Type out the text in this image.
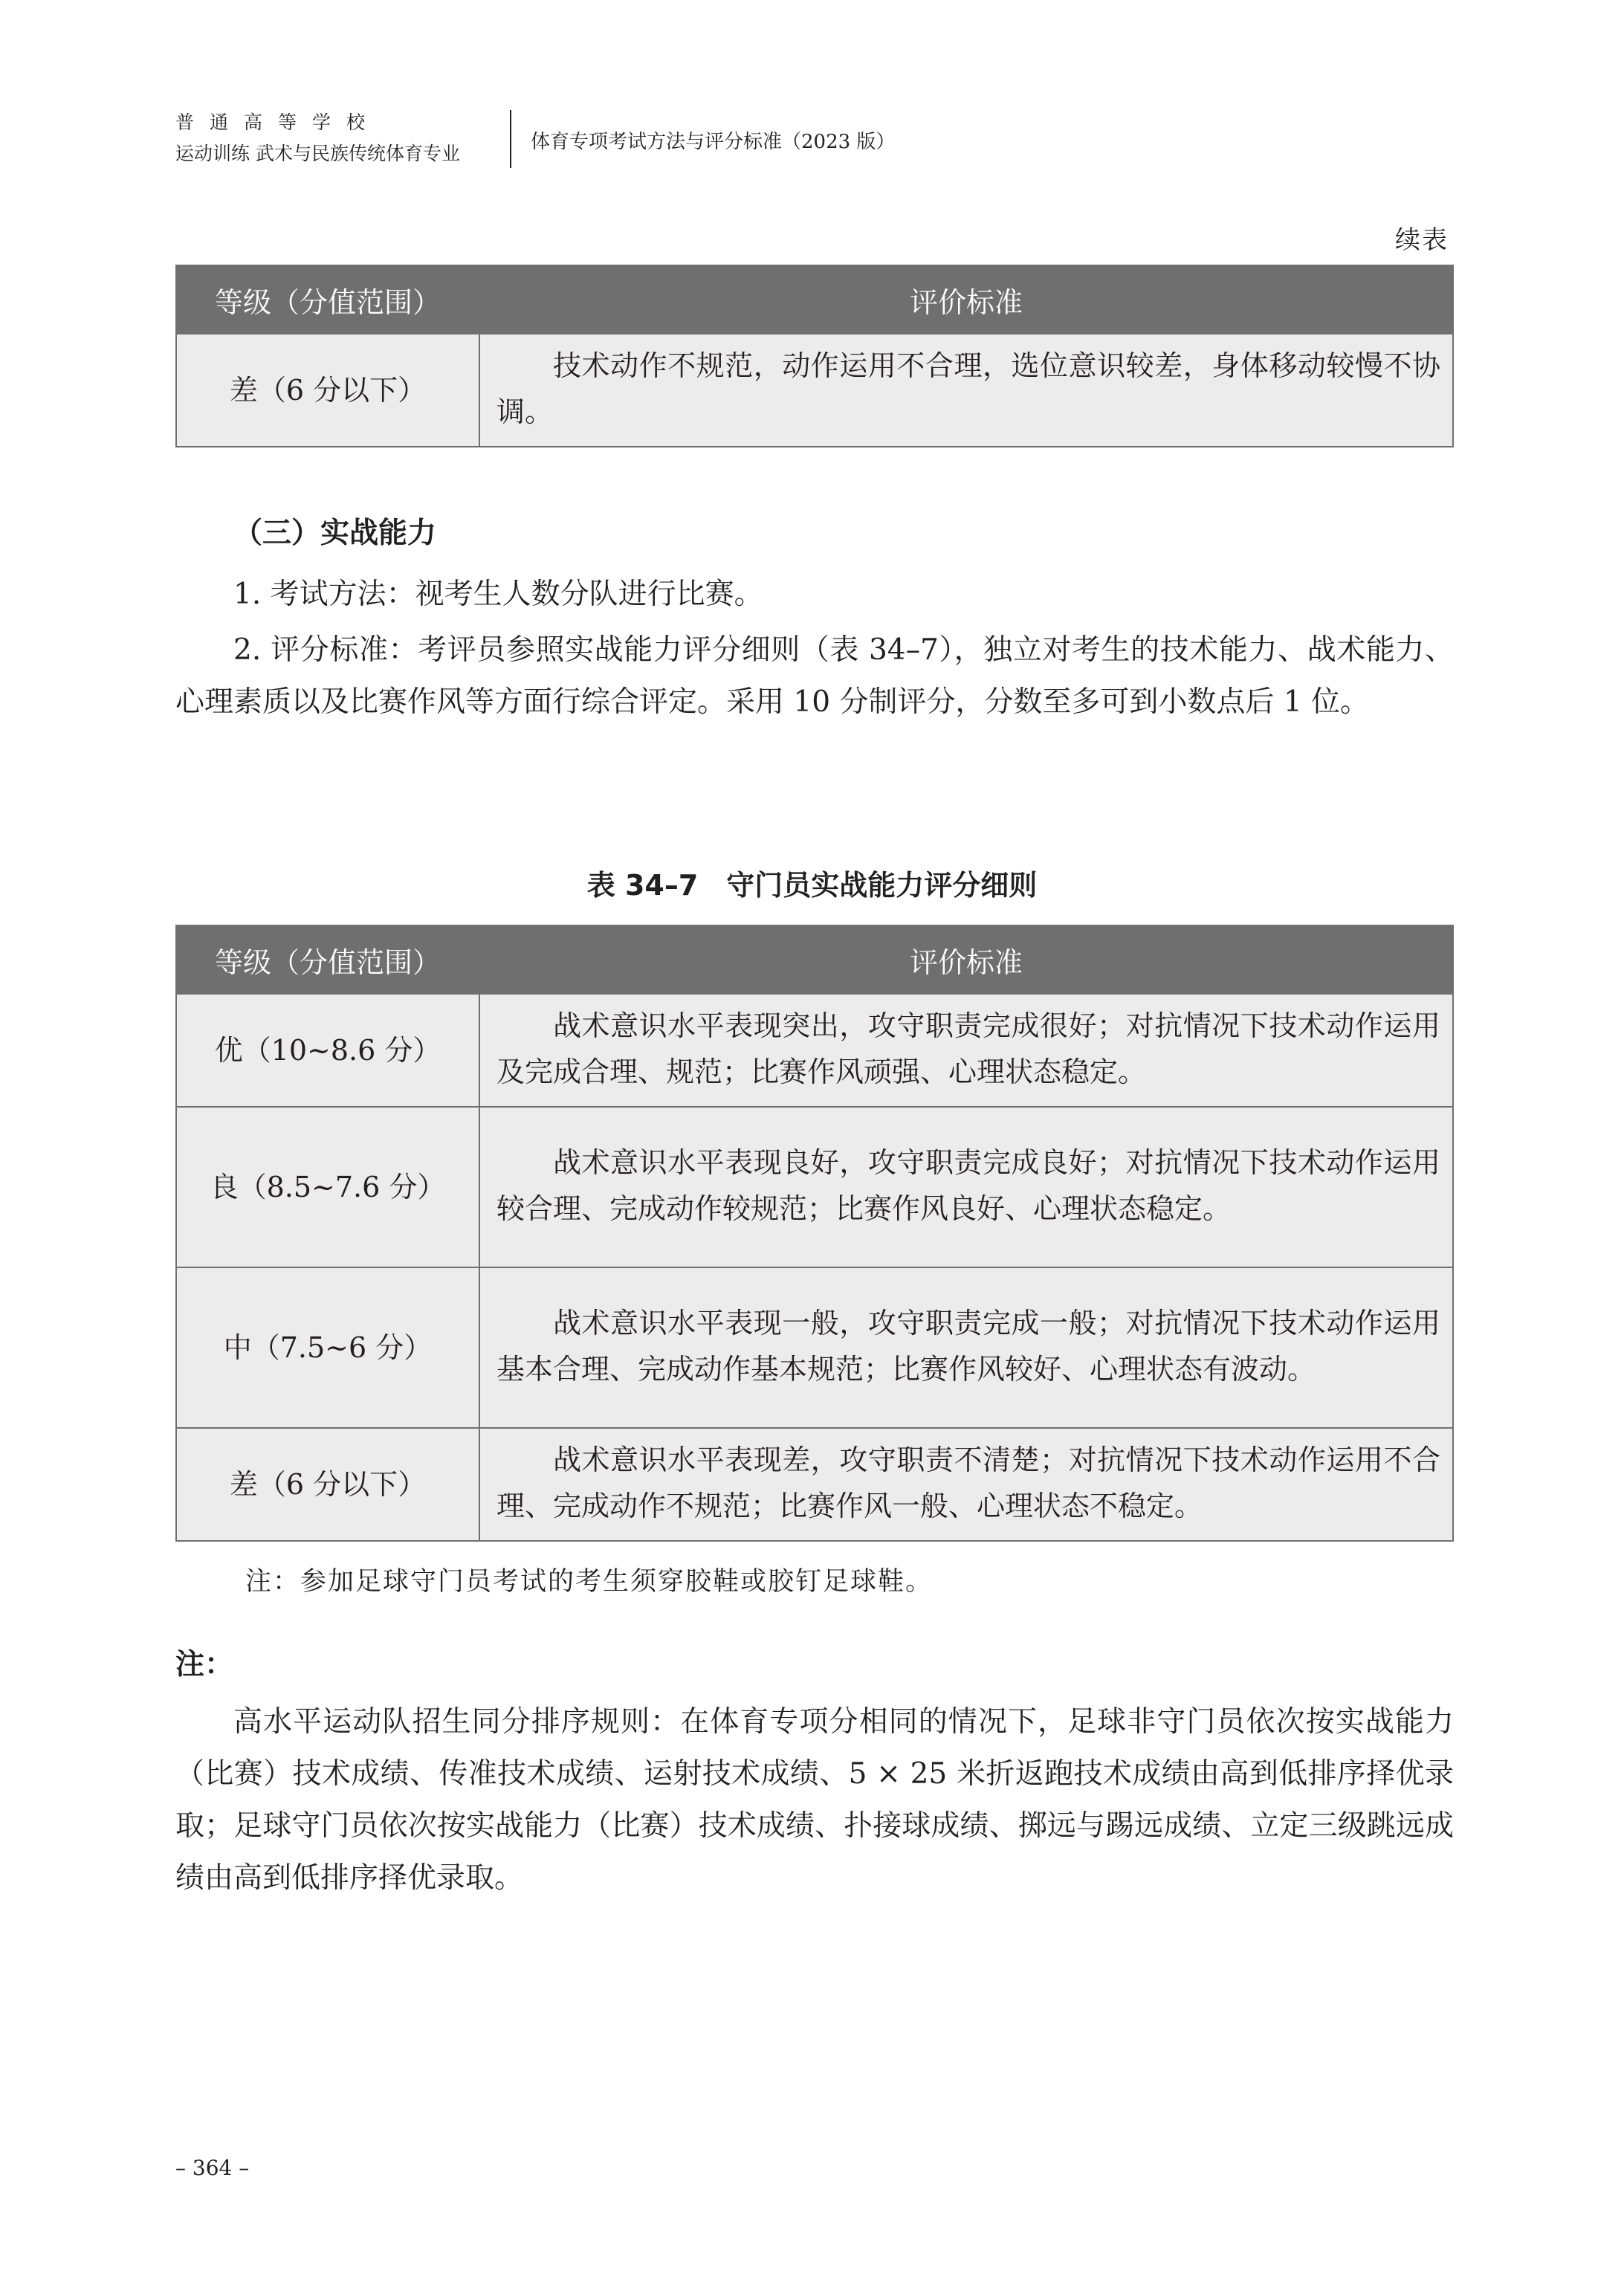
普通高等学校
运动训练 武术与民族传统体育专业
体育专项考试方法与评分标准（2023 版）
续表
等级（分值范围）	评价标准
差（6 分以下）	技术动作不规范，动作运用不合理，选位意识较差，身体移动较慢不协调。
（三）实战能力

1. 考试方法：视考生人数分队进行比赛。

2. 评分标准：考评员参照实战能力评分细则（表 34–7），独立对考生的技术能力、战术能力、心理素质以及比赛作风等方面行综合评定。采用 10 分制评分，分数至多可到小数点后 1 位。

表 34–7　守门员实战能力评分细则
等级（分值范围）	评价标准
优（10~8.6 分）	战术意识水平表现突出，攻守职责完成很好；对抗情况下技术动作运用及完成合理、规范；比赛作风顽强、心理状态稳定。

良（8.5~7.6 分）	战术意识水平表现良好，攻守职责完成良好；对抗情况下技术动作运用较合理、完成动作较规范；比赛作风良好、心理状态稳定。

中（7.5~6 分）	战术意识水平表现一般，攻守职责完成一般；对抗情况下技术动作运用基本合理、完成动作基本规范；比赛作风较好、心理状态有波动。

差（6 分以下）	战术意识水平表现差，攻守职责不清楚；对抗情况下技术动作运用不合理、完成动作不规范；比赛作风一般、心理状态不稳定。
注：参加足球守门员考试的考生须穿胶鞋或胶钉足球鞋。
注：

高水平运动队招生同分排序规则：在体育专项分相同的情况下，足球非守门员依次按实战能力（比赛）技术成绩、传准技术成绩、运射技术成绩、5 × 25 米折返跑技术成绩由高到低排序择优录取；足球守门员依次按实战能力（比赛）技术成绩、扑接球成绩、掷远与踢远成绩、立定三级跳远成绩由高到低排序择优录取。

– 364 –
